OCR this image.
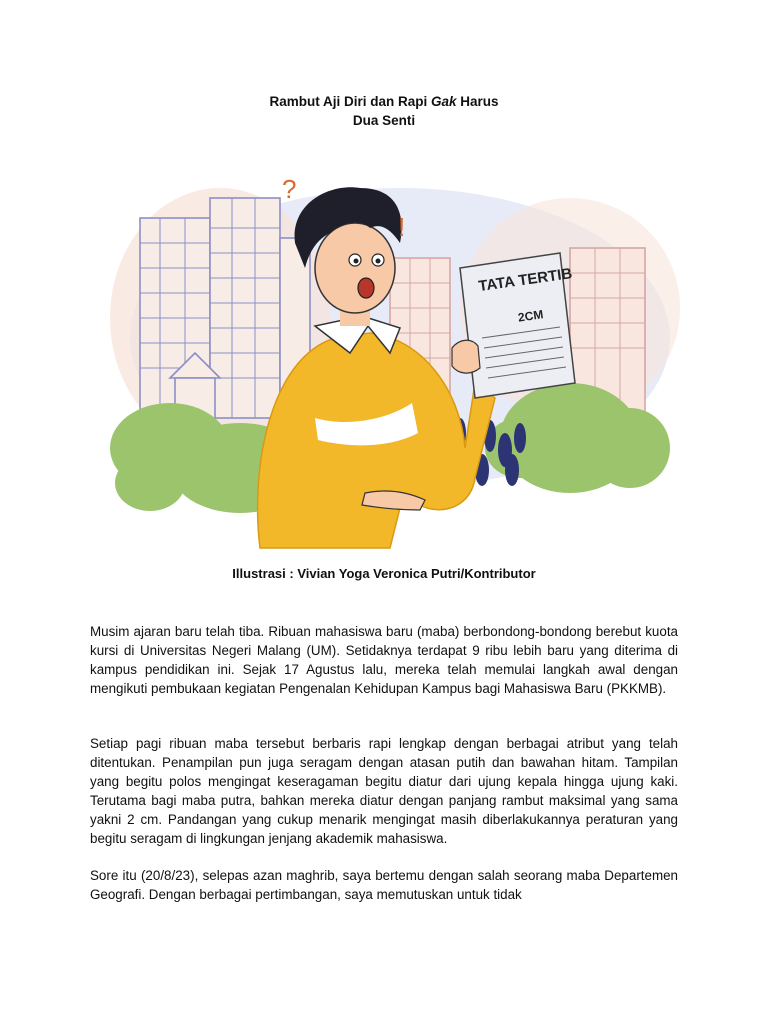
Rambut Aji Diri dan Rapi Gak Harus
Dua Senti
TATA TERTIB
2CM
?
!
Illustrasi : Vivian Yoga Veronica Putri/Kontributor

Musim ajaran baru telah tiba. Ribuan mahasiswa baru (maba) berbondong-bondong berebut kuota kursi di Universitas Negeri Malang (UM). Setidaknya terdapat 9 ribu lebih baru yang diterima di kampus pendidikan ini. Sejak 17 Agustus lalu, mereka telah memulai langkah awal dengan mengikuti pembukaan kegiatan Pengenalan Kehidupan Kampus bagi Mahasiswa Baru (PKKMB).

Setiap pagi ribuan maba tersebut berbaris rapi lengkap dengan berbagai atribut yang telah ditentukan. Penampilan pun juga seragam dengan atasan putih dan bawahan hitam. Tampilan yang begitu polos mengingat keseragaman begitu diatur dari ujung kepala hingga ujung kaki. Terutama bagi maba putra, bahkan mereka diatur dengan panjang rambut maksimal yang sama yakni 2 cm. Pandangan yang cukup menarik mengingat masih diberlakukannya peraturan yang begitu seragam di lingkungan jenjang akademik mahasiswa.

Sore itu (20/8/23), selepas azan maghrib, saya bertemu dengan salah seorang maba Departemen Geografi. Dengan berbagai pertimbangan, saya memutuskan untuk tidak
